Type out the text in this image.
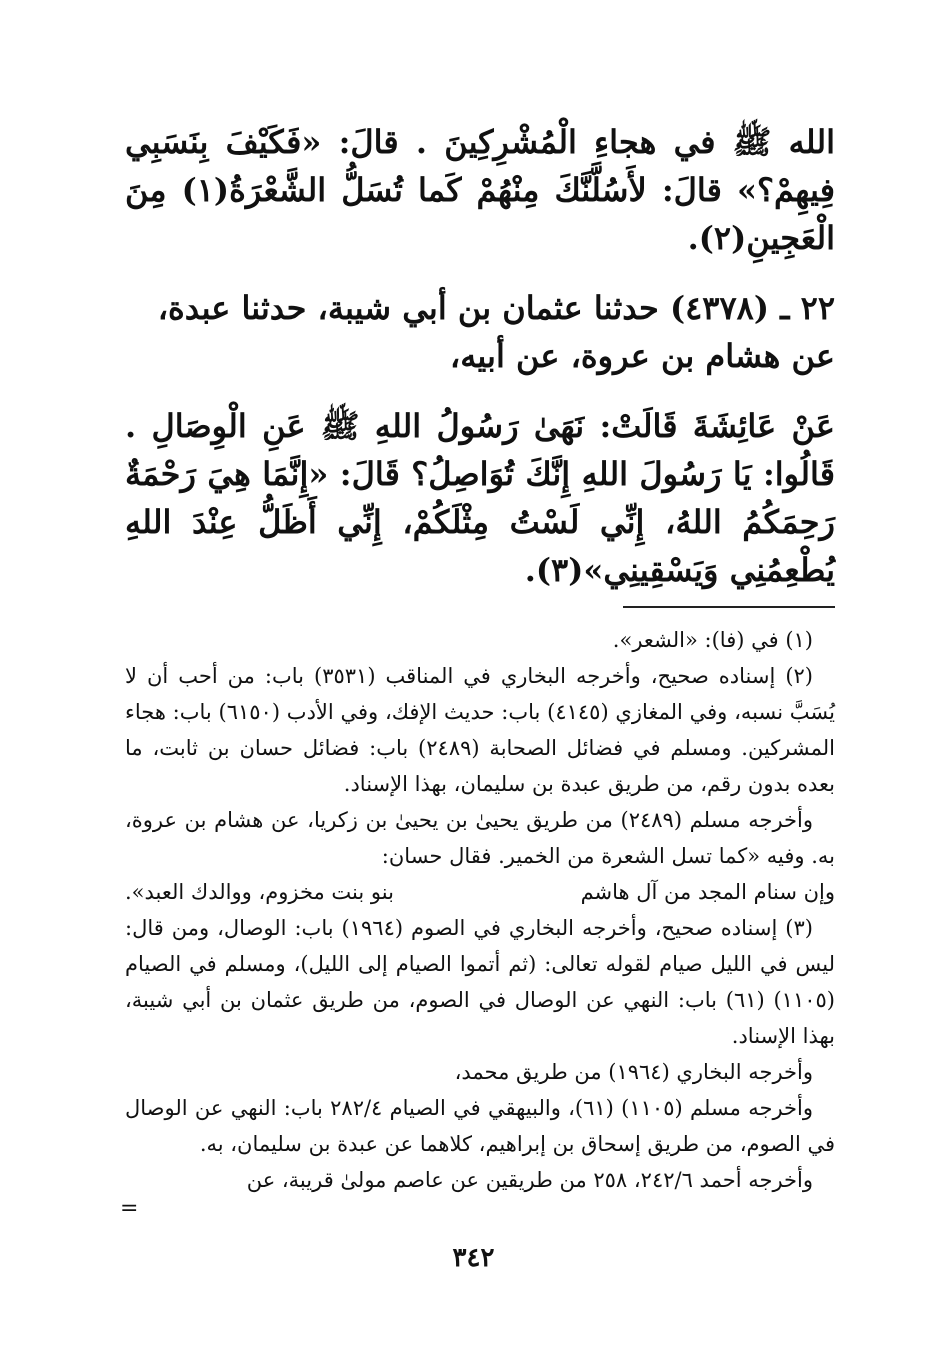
الله ﷺ في هجاءِ الْمُشْرِكِينَ . قالَ: «فَكَيْفَ بِنَسَبِي فِيهِمْ؟» قالَ: لأَسُلَّنَّكَ مِنْهُمْ كَما تُسَلُّ الشَّعْرَةُ(١) مِنَ الْعَجِينِ(٢).

٢٢ ـ (٤٣٧٨) حدثنا عثمان بن أبي شيبة، حدثنا عبدة،

عن هشام بن عروة، عن أبيه،

عَنْ عَائِشَةَ قَالَتْ: نَهَىٰ رَسُولُ اللهِ ﷺ عَنِ الْوِصَالِ . قَالُوا: يَا رَسُولَ اللهِ إِنَّكَ تُوَاصِلُ؟ قَالَ: «إِنَّمَا هِيَ رَحْمَةٌ رَحِمَكُمُ اللهُ، إِنِّي لَسْتُ مِثْلَكُمْ، إِنِّي أَظَلُّ عِنْدَ اللهِ يُطْعِمُنِي وَيَسْقِينِي»(٣).

(١) في (فا): «الشعر».

(٢) إسناده صحيح، وأخرجه البخاري في المناقب (٣٥٣١) باب: من أحب أن لا يُسَبَّ نسبه، وفي المغازي (٤١٤٥) باب: حديث الإفك، وفي الأدب (٦١٥٠) باب: هجاء المشركين. ومسلم في فضائل الصحابة (٢٤٨٩) باب: فضائل حسان بن ثابت، ما بعده بدون رقم، من طريق عبدة بن سليمان، بهذا الإسناد.

وأخرجه مسلم (٢٤٨٩) من طريق يحيىٰ بن يحيىٰ بن زكريا، عن هشام بن عروة، به. وفيه «كما تسل الشعرة من الخمير. فقال حسان:

وإن سنام المجد من آل هاشم
بنو بنت مخزوم، ووالدك العبد».

(٣) إسناده صحيح، وأخرجه البخاري في الصوم (١٩٦٤) باب: الوصال، ومن قال: ليس في الليل صيام لقوله تعالى: (ثم أتموا الصيام إلى الليل)، ومسلم في الصيام (١١٠٥) (٦١) باب: النهي عن الوصال في الصوم، من طريق عثمان بن أبي شيبة، بهذا الإسناد.

وأخرجه البخاري (١٩٦٤) من طريق محمد،

وأخرجه مسلم (١١٠٥) (٦١)، والبيهقي في الصيام ٢٨٢/٤ باب: النهي عن الوصال في الصوم، من طريق إسحاق بن إبراهيم، كلاهما عن عبدة بن سليمان، به.

وأخرجه أحمد ٢٤٢/٦، ٢٥٨ من طريقين عن عاصم مولىٰ قريبة، عن

=
٣٤٢
